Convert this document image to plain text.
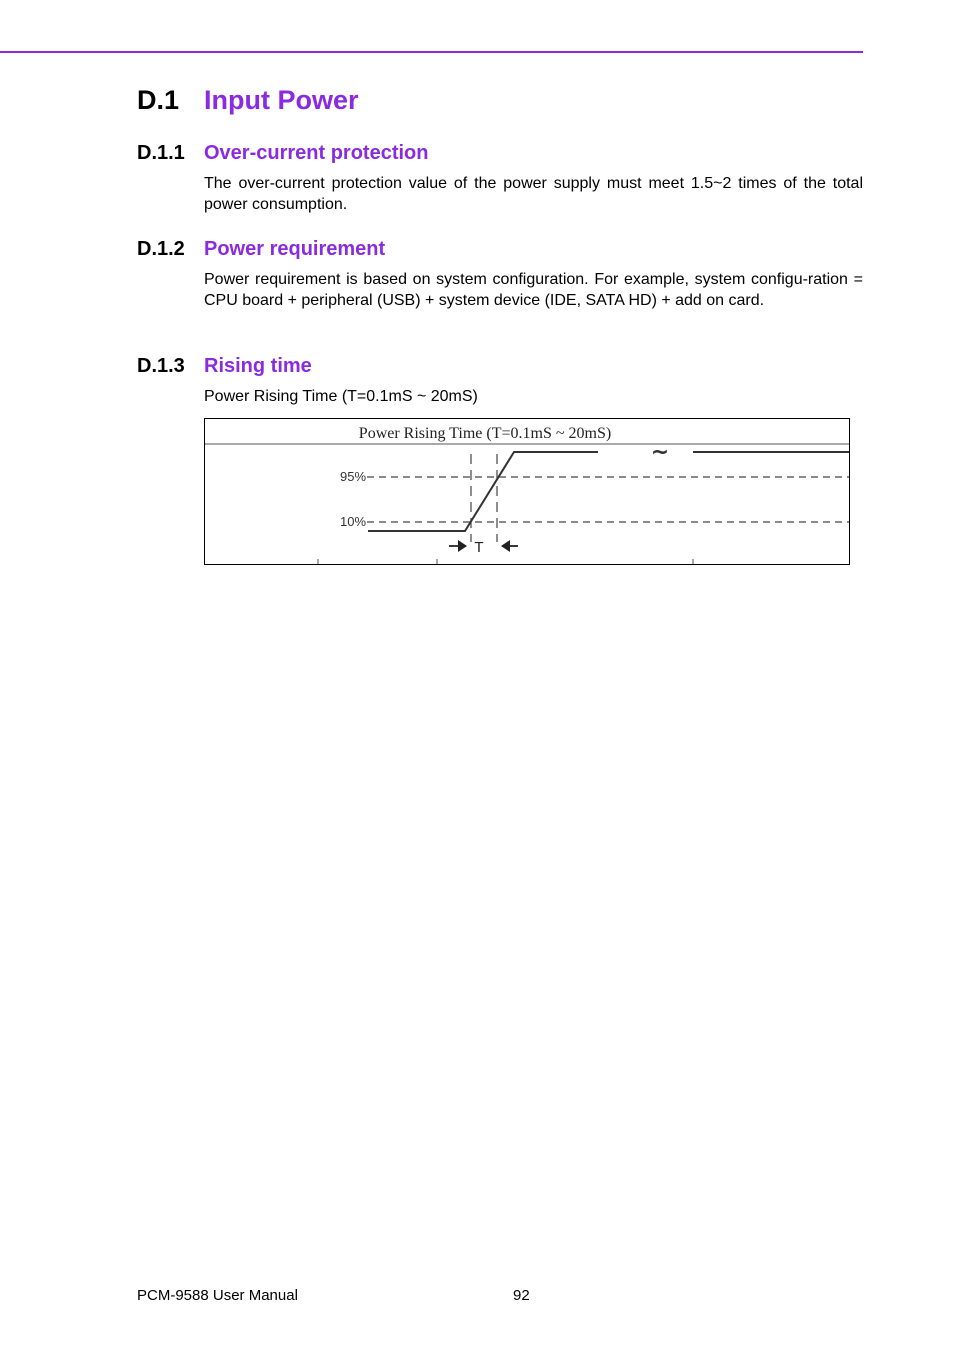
D.1 Input Power
D.1.1 Over-current protection
The over-current protection value of the power supply must meet 1.5~2 times of the total power consumption.
D.1.2 Power requirement
Power requirement is based on system configuration. For example, system configu-ration = CPU board + peripheral (USB) + system device (IDE, SATA HD) + add on card.
D.1.3 Rising time
Power Rising Time (T=0.1mS ~ 20mS)
Power Rising Time (T=0.1mS ~ 20mS)
95%
10%
~
T
PCM-9588 User Manual	92
